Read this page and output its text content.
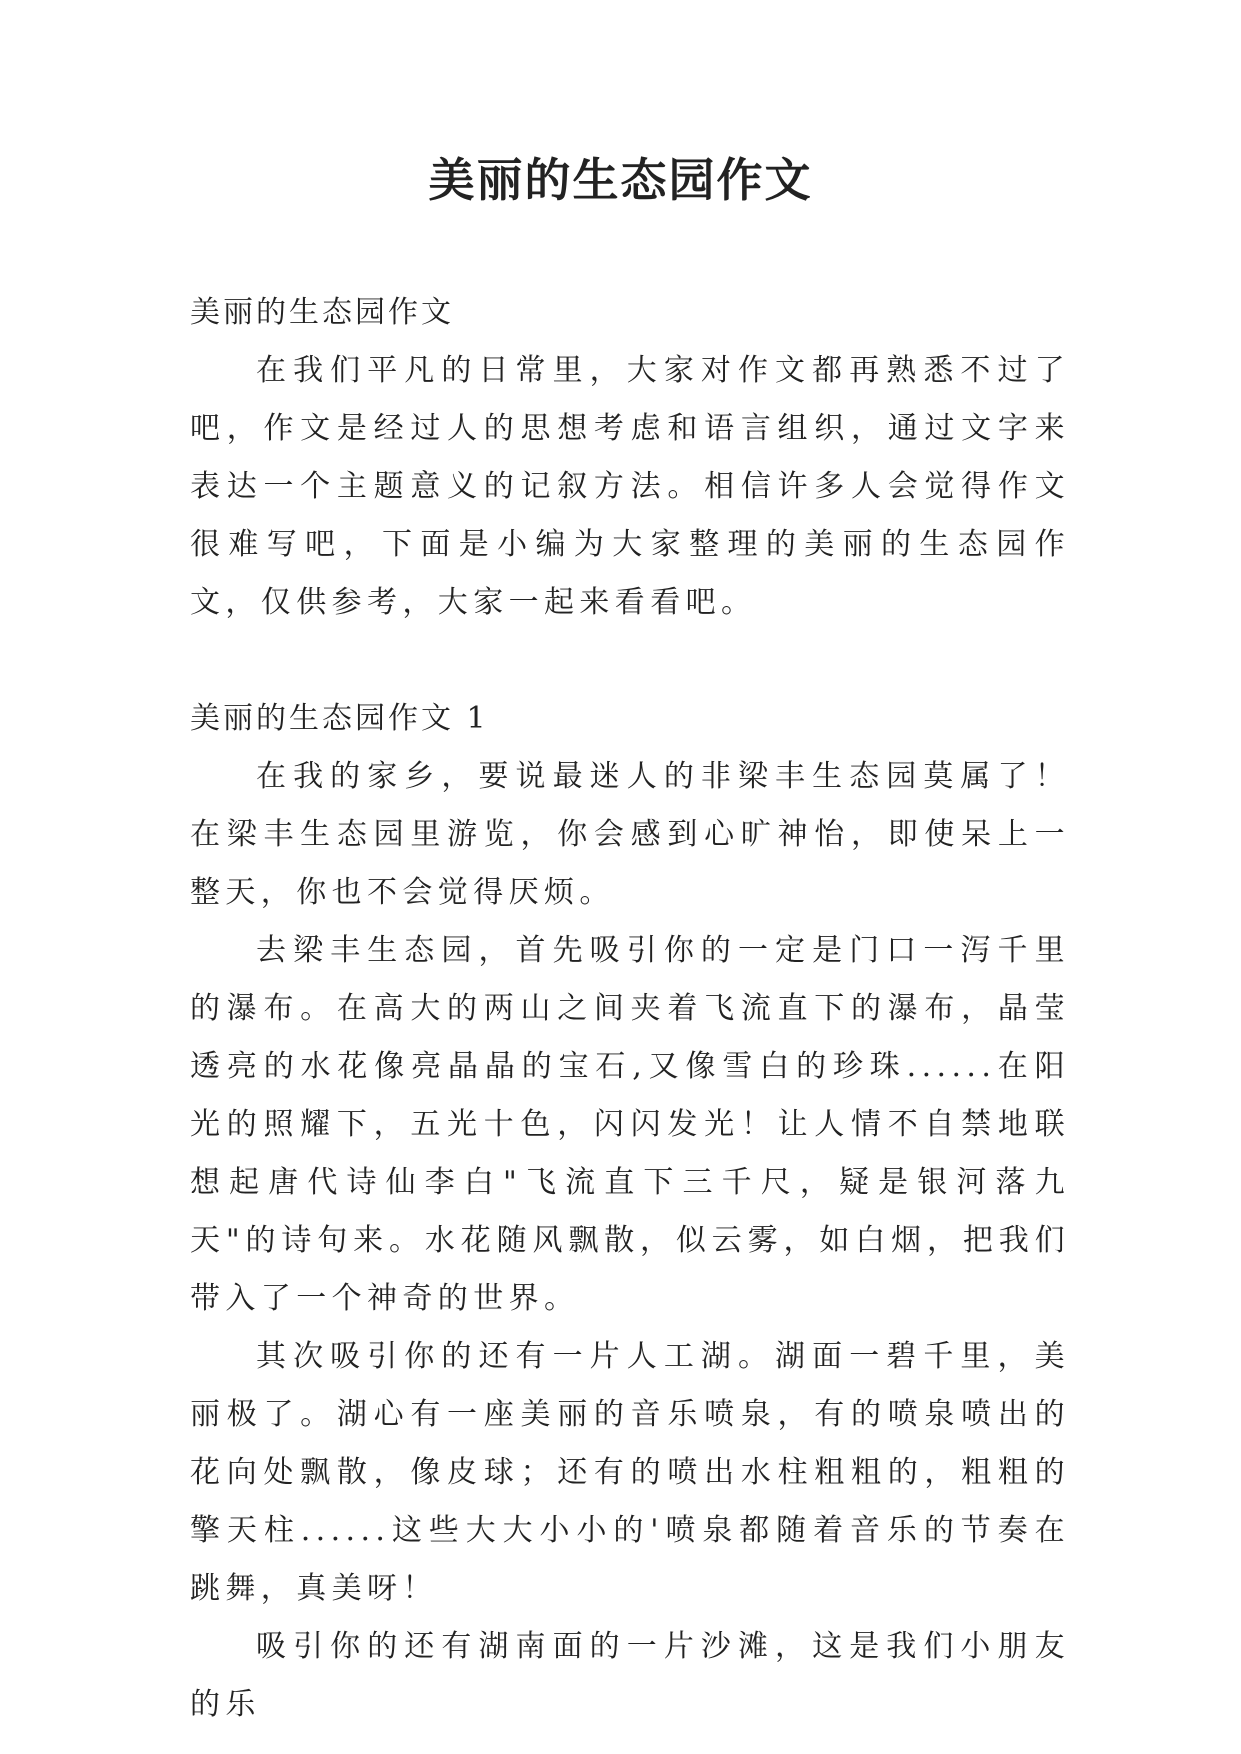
美丽的生态园作文

美丽的生态园作文

在我们平凡的日常里，大家对作文都再熟悉不过了吧，作文是经过人的思想考虑和语言组织，通过文字来表达一个主题意义的记叙方法。相信许多人会觉得作文很难写吧，下面是小编为大家整理的美丽的生态园作文，仅供参考，大家一起来看看吧。

美丽的生态园作文 1

在我的家乡，要说最迷人的非梁丰生态园莫属了！在梁丰生态园里游览，你会感到心旷神怡，即使呆上一整天，你也不会觉得厌烦。

去梁丰生态园，首先吸引你的一定是门口一泻千里的瀑布。在高大的两山之间夹着飞流直下的瀑布，晶莹透亮的水花像亮晶晶的宝石,又像雪白的珍珠......在阳光的照耀下，五光十色，闪闪发光！让人情不自禁地联想起唐代诗仙李白"飞流直下三千尺，疑是银河落九天"的诗句来。水花随风飘散，似云雾，如白烟，把我们带入了一个神奇的世界。

其次吸引你的还有一片人工湖。湖面一碧千里，美丽极了。湖心有一座美丽的音乐喷泉，有的喷泉喷出的花向处飘散，像皮球；还有的喷出水柱粗粗的，粗粗的擎天柱......这些大大小小的'喷泉都随着音乐的节奏在跳舞，真美呀！

吸引你的还有湖南面的一片沙滩，这是我们小朋友的乐
